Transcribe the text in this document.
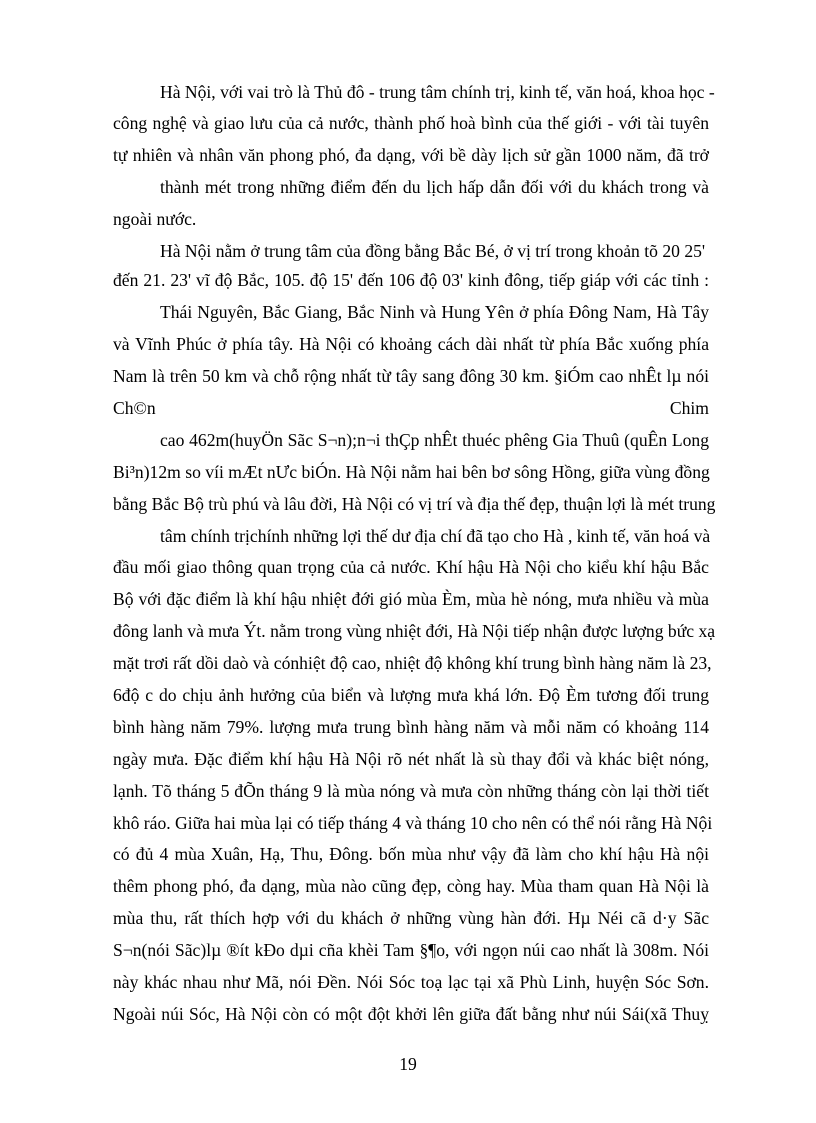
Hà Nội, với vai trò là Thủ đô - trung tâm chính trị, kinh tế, văn hoá, khoa học -
công nghệ và giao lưu của cả nước, thành phố hoà bình của thế giới - với tài tuyên
tự nhiên và nhân văn phong phó, đa dạng, với bề dày lịch sử gần 1000 năm, đã trở
thành mét trong những điểm đến du lịch hấp dẫn đối với du khách trong và
ngoài nước.
Hà Nội nằm ở trung tâm của đồng bằng Bắc Bé, ở vị trí trong khoản tõ 20 25'
đến 21. 23' vĩ độ Bắc, 105. độ 15' đến 106 độ 03' kinh đông, tiếp giáp với các tỉnh :
Thái Nguyên, Bắc Giang, Bắc Ninh và Hung Yên ở phía Đông Nam, Hà Tây
và Vĩnh Phúc ở phía tây. Hà Nội có khoảng cách dài nhất từ phía Bắc xuống phía
Nam là trên 50 km và chỗ rộng nhất từ tây sang đông 30 km. §iÓm cao nhÊt lµ nói
Ch©n	Chim
cao 462m(huyÖn Sãc S¬n);n¬i thÇp nhÊt thuéc phêng Gia Thuû (quÊn Long
Bi³n)12m so víi mÆt nƯc biÓn. Hà Nội nằm hai bên bơ sông Hồng, giữa vùng đồng
bằng Bắc Bộ trù phú và lâu đời, Hà Nội có vị trí và địa thế đẹp, thuận lợi là mét trung
tâm chính trịchính những lợi thế dư địa chí đã tạo cho Hà , kinh tế, văn hoá và
đầu mối giao thông quan trọng của cả nước. Khí hậu Hà Nội cho kiểu khí hậu Bắc
Bộ với đặc điểm là khí hậu nhiệt đới gió mùa Èm, mùa hè nóng, mưa nhiều và mùa
đông lanh và mưa Ýt. nằm trong vùng nhiệt đới, Hà Nội tiếp nhận được lượng bức xạ
mặt trơi rất dồi daò và cónhiệt độ cao, nhiệt độ không khí trung bình hàng năm là 23,
6độ c do chịu ảnh hưởng của biển và lượng mưa khá lớn. Độ Èm tương đối trung
bình hàng năm 79%. lượng mưa trung bình hàng năm và mỗi năm có khoảng 114
ngày mưa. Đặc điểm khí hậu Hà Nội rõ nét nhất là sù thay đổi và khác biệt nóng,
lạnh. Tõ tháng 5 đÕn tháng 9 là mùa nóng và mưa còn những tháng còn lại thời tiết
khô ráo. Giữa hai mùa lại có tiếp tháng 4 và tháng 10 cho nên có thể nói rằng Hà Nội
có đủ 4 mùa Xuân, Hạ, Thu, Đông. bốn mùa như vậy đã làm cho khí hậu Hà nội
thêm phong phó, đa dạng, mùa nào cũng đẹp, còng hay. Mùa tham quan Hà Nội là
mùa thu, rất thích hợp với du khách ở những vùng hàn đới. Hµ Néi cã d·y Sãc
S¬n(nói Sãc)lµ ®ít kÐo dµi cña khèi Tam §¶o, với ngọn núi cao nhất là 308m. Nói
này khác nhau như Mã, nói Đền. Nói Sóc toạ lạc tại xã Phù Linh, huyện Sóc Sơn.
Ngoài núi Sóc, Hà Nội còn có một đột khởi lên giữa đất bằng như núi Sái(xã Thuỵ
19
